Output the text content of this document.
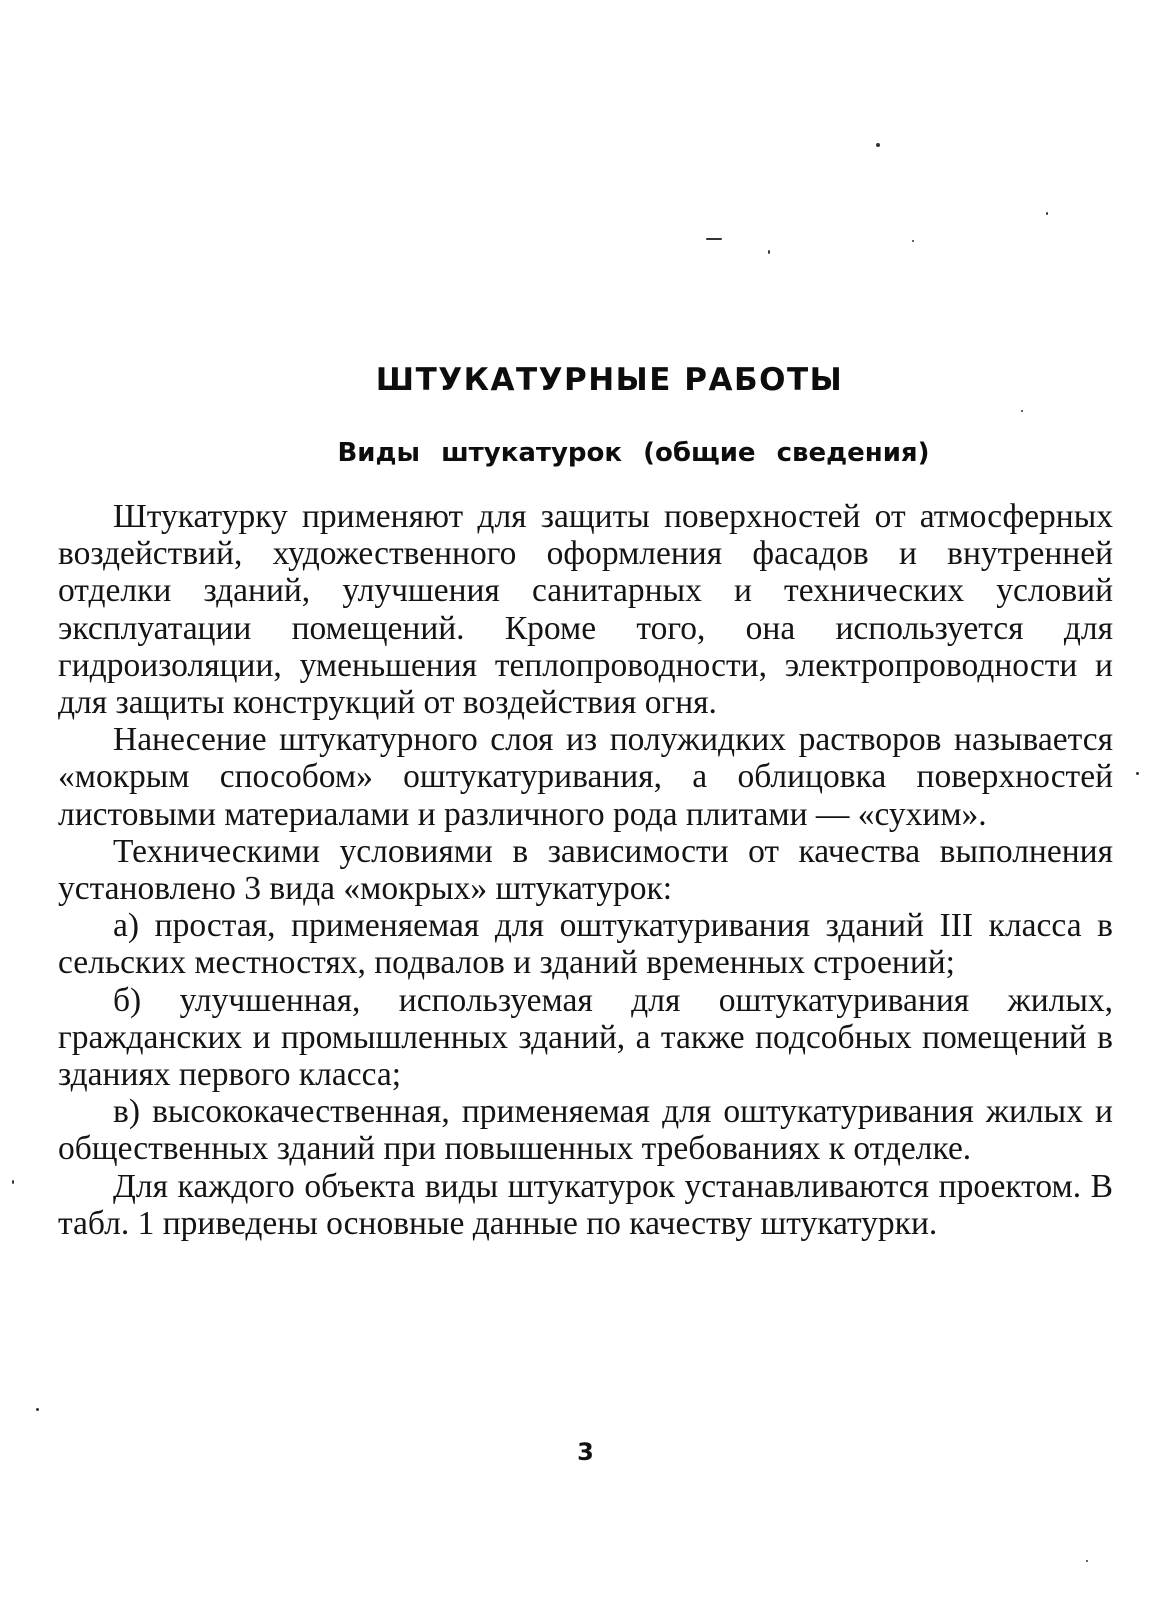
ШТУКАТУРНЫЕ РАБОТЫ
Виды штукатурок (общие сведения)

Штукатурку применяют для защиты поверхностей от атмосферных воздействий, художественного оформления фасадов и внутренней отделки зданий, улучшения санитарных и технических условий эксплуатации помещений. Кроме того, она используется для гидроизоляции, уменьшения теплопроводности, электропроводности и для защиты конструкций от воздействия огня.

Нанесение штукатурного слоя из полужидких растворов называется «мокрым способом» оштукатуривания, а облицовка поверхностей листовыми материалами и различного рода плитами — «сухим».

Техническими условиями в зависимости от качества выполнения установлено 3 вида «мокрых» штукатурок:

а) простая, применяемая для оштукатуривания зданий III класса в сельских местностях, подвалов и зданий временных строений;

б) улучшенная, используемая для оштукатуривания жилых, гражданских и промышленных зданий, а также подсобных помещений в зданиях первого класса;

в) высококачественная, применяемая для оштукатуривания жилых и общественных зданий при повышенных требованиях к отделке.

Для каждого объекта виды штукатурок устанавливаются проектом. В табл. 1 приведены основные данные по качеству штукатурки.

3
